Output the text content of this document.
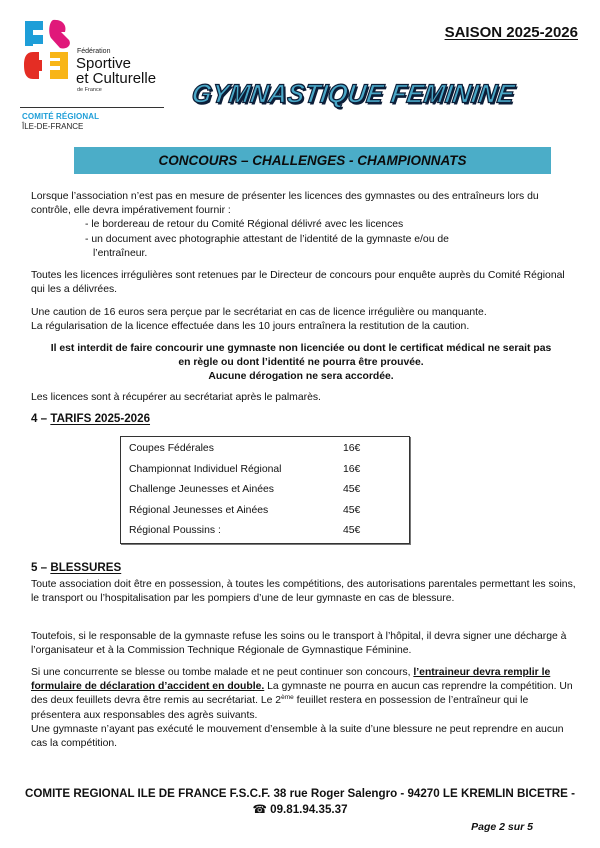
Fédération
Sportive
et Culturelle
de France
COMITÉ RÉGIONAL
ÎLE-DE-FRANCE
SAISON 2025-2026
GYMNASTIQUE FEMININE
CONCOURS – CHALLENGES - CHAMPIONNATS
Lorsque l’association n’est pas en mesure de présenter les licences des gymnastes ou des entraîneurs lors du contrôle, elle devra impérativement fournir :
- le bordereau de retour du Comité Régional délivré avec les licences
- un document avec photographie attestant de l’identité de la gymnaste e/ou de
l’entraîneur.
Toutes les licences irrégulières sont retenues par le Directeur de concours pour enquête auprès du Comité Régional qui les a délivrées.
Une caution de 16 euros sera perçue par le secrétariat en cas de licence irrégulière ou manquante.
La régularisation de la licence effectuée dans les 10 jours entraînera la restitution de la caution.
Il est interdit de faire concourir une gymnaste non licenciée ou dont le certificat médical ne serait pas
en règle ou dont l’identité ne pourra être prouvée.
Aucune dérogation ne sera accordée.
Les licences sont à récupérer au secrétariat après le palmarès.
4 – TARIFS 2025-2026
Coupes Fédérales	16€
Championnat Individuel Régional	16€
Challenge Jeunesses et Ainées	45€
Régional Jeunesses et Ainées	45€
Régional Poussins :	45€
5 – BLESSURES
Toute association doit être en possession, à toutes les compétitions, des autorisations parentales permettant les soins, le transport ou l’hospitalisation par les pompiers d’une de leur gymnaste en cas de blessure.
Toutefois, si le responsable de la gymnaste refuse les soins ou le transport à l’hôpital, il devra signer une décharge à l’organisateur et à la Commission Technique Régionale de Gymnastique Féminine.
Si une concurrente se blesse ou tombe malade et ne peut continuer son concours, l’entraineur devra remplir le formulaire de déclaration d’accident en double. La gymnaste ne pourra en aucun cas reprendre la compétition. Un des deux feuillets devra être remis au secrétariat. Le 2ème feuillet restera en possession de l’entraîneur qui le présentera aux responsables des agrès suivants.
Une gymnaste n’ayant pas exécuté le mouvement d’ensemble à la suite d’une blessure ne peut reprendre en aucun cas la compétition.
COMITE REGIONAL ILE DE FRANCE F.S.C.F. 38 rue Roger Salengro - 94270 LE KREMLIN BICETRE -
☎ 09.81.94.35.37
Page 2 sur 5
